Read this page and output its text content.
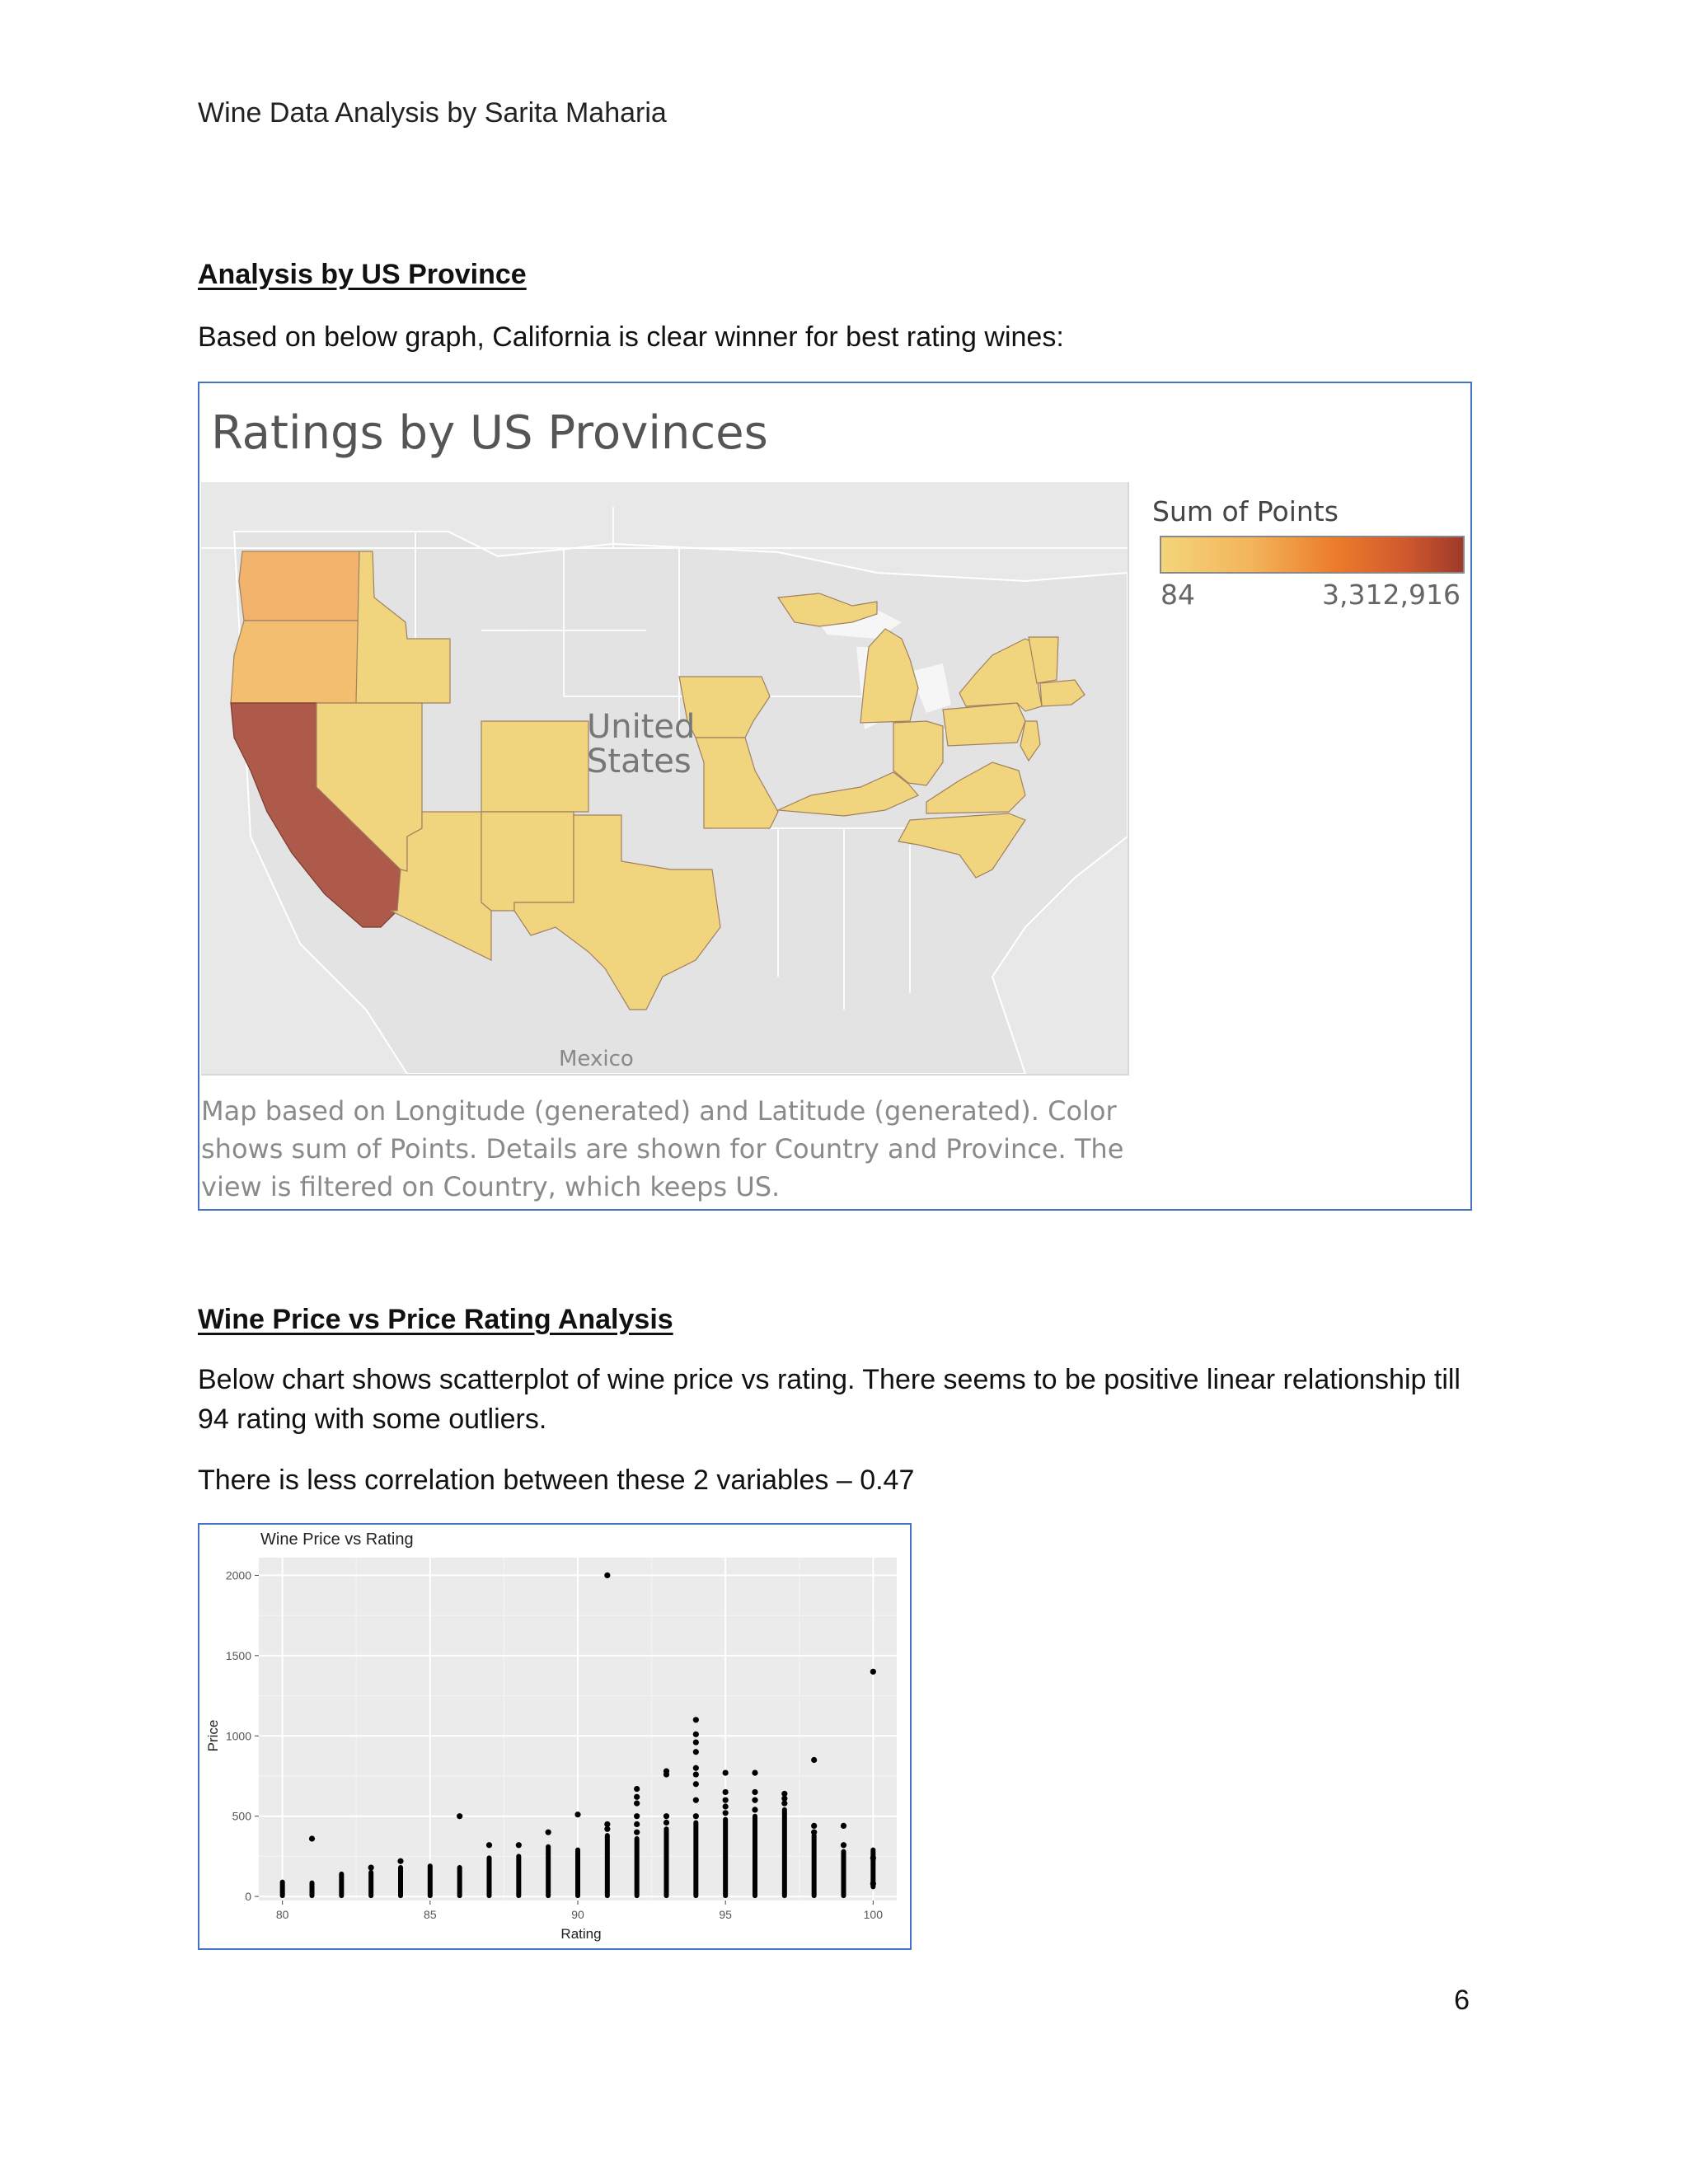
Wine Data Analysis by Sarita Maharia
Analysis by US Province
Based on below graph, California is clear winner for best rating wines:
Ratings by US Provinces
United
States
Mexico
Sum of Points
84	3,312,916
Map based on Longitude (generated) and Latitude (generated). Color shows sum of Points. Details are shown for Country and Province. The view is filtered on Country, which keeps US.
Wine Price vs Price Rating Analysis
Below chart shows scatterplot of wine price vs rating. There seems to be positive linear relationship till 94 rating with some outliers.
There is less correlation between these 2 variables – 0.47
80	85	90	95	100
0
500
1000
1500
2000
Wine Price vs Rating
Rating
Price
6
